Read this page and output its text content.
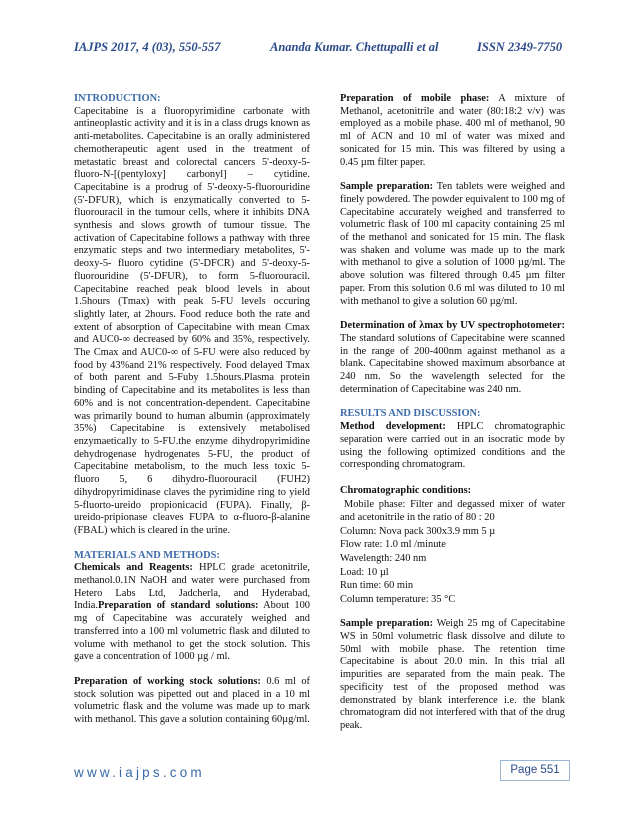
IAJPS 2017, 4 (03), 550-557	Ananda Kumar. Chettupalli et al	ISSN 2349-7750

INTRODUCTION:

Capecitabine is a fluoropyrimidine carbonate with antineoplastic activity and it is in a class drugs known as anti-metabolites. Capecitabine is an orally administered chemotherapeutic agent used in the treatment of metastatic breast and colorectal cancers 5'-deoxy-5-fluoro-N-[(pentyloxy] carbonyl] – cytidine. Capecitabine is a prodrug of 5'-deoxy-5-fluorouridine (5'-DFUR), which is enzymatically converted to 5-fluorouracil in the tumour cells, where it inhibits DNA synthesis and slows growth of tumour tissue. The activation of Capecitabine follows a pathway with three enzymatic steps and two intermediary metabolites, 5'-deoxy-5- fluoro cytidine (5'-DFCR) and 5'-deoxy-5-fluorouridine (5'-DFUR), to form 5-fluorouracil. Capecitabine reached peak blood levels in about 1.5hours (Tmax) with peak 5-FU levels occuring slightly later, at 2hours. Food reduce both the rate and extent of absorption of Capecitabine with mean Cmax and AUC0-∞ decreased by 60% and 35%, respectively. The Cmax and AUC0-∞ of 5-FU were also reduced by food by 43%and 21% respectively. Food delayed Tmax of both parent and 5-Fuby 1.5hours.Plasma protein binding of Capecitabine and its metabolites is less than 60% and is not concentration-dependent. Capecitabine was primarily bound to human albumin (approximately 35%) Capecitabine is extensively metabolised enzymaetically to 5-FU.the enzyme dihydropyrimidine dehydrogenase hydrogenates 5-FU, the product of Capecitabine metabolism, to the much less toxic 5-fluoro 5, 6 dihydro-fluorouracil (FUH2) dihydropyrimidinase claves the pyrimidine ring to yield 5-fluorto-ureido propionicacid (FUPA). Finally, β-ureido-pripionase cleaves FUPA to α-fluoro-β-alanine (FBAL) which is cleared in the urine.

MATERIALS AND METHODS:

Chemicals and Reagents: HPLC grade acetonitrile, methanol.0.1N NaOH and water were purchased from Hetero Labs Ltd, Jadcherla, and Hyderabad, India.Preparation of standard solutions: About 100 mg of Capecitabine was accurately weighed and transferred into a 100 ml volumetric flask and diluted to volume with methanol to get the stock solution. This gave a concentration of 1000 µg / ml.

Preparation of working stock solutions: 0.6 ml of stock solution was pipetted out and placed in a 10 ml volumetric flask and the volume was made up to mark with methanol. This gave a solution containing 60µg/ml.

Preparation of mobile phase: A mixture of Methanol, acetonitrile and water (80:18:2 v/v) was employed as a mobile phase. 400 ml of methanol, 90 ml of ACN and 10 ml of water was mixed and sonicated for 15 min. This was filtered by using a 0.45 µm filter paper.

Sample preparation: Ten tablets were weighed and finely powdered. The powder equivalent to 100 mg of Capecitabine accurately weighed and transferred to volumetric flask of 100 ml capacity containing 25 ml of the methanol and sonicated for 15 min. The flask was shaken and volume was made up to the mark with methanol to give a solution of 1000 µg/ml. The above solution was filtered through 0.45 µm filter paper. From this solution 0.6 ml was diluted to 10 ml with methanol to give a solution 60 µg/ml.

Determination of λmax by UV spectrophotometer: The standard solutions of Capecitabine were scanned in the range of 200-400nm against methanol as a blank. Capecitabine showed maximum absorbance at 240 nm. So the wavelength selected for the determination of Capecitabine was 240 nm.

RESULTS AND DISCUSSION:

Method development: HPLC chromatographic separation were carried out in an isocratic mode by using the following optimized conditions and the corresponding chromatogram.

Chromatographic conditions:
Mobile phase: Filter and degassed mixer of water and acetonitrile in the ratio of 80 : 20
Column: Nova pack 300x3.9 mm 5 µ
Flow rate: 1.0 ml /minute
Wavelength: 240 nm
Load: 10 µl
Run time: 60 min
Column temperature: 35 °C

Sample preparation: Weigh 25 mg of Capecitabine WS in 50ml volumetric flask dissolve and dilute to 50ml with mobile phase. The retention time Capecitabine is about 20.0 min. In this trial all impurities are separated from the main peak. The specificity test of the proposed method was demonstrated by blank interference i.e. the blank chromatogram did not interfered with that of the drug peak.

www.iajps.com	Page 551
